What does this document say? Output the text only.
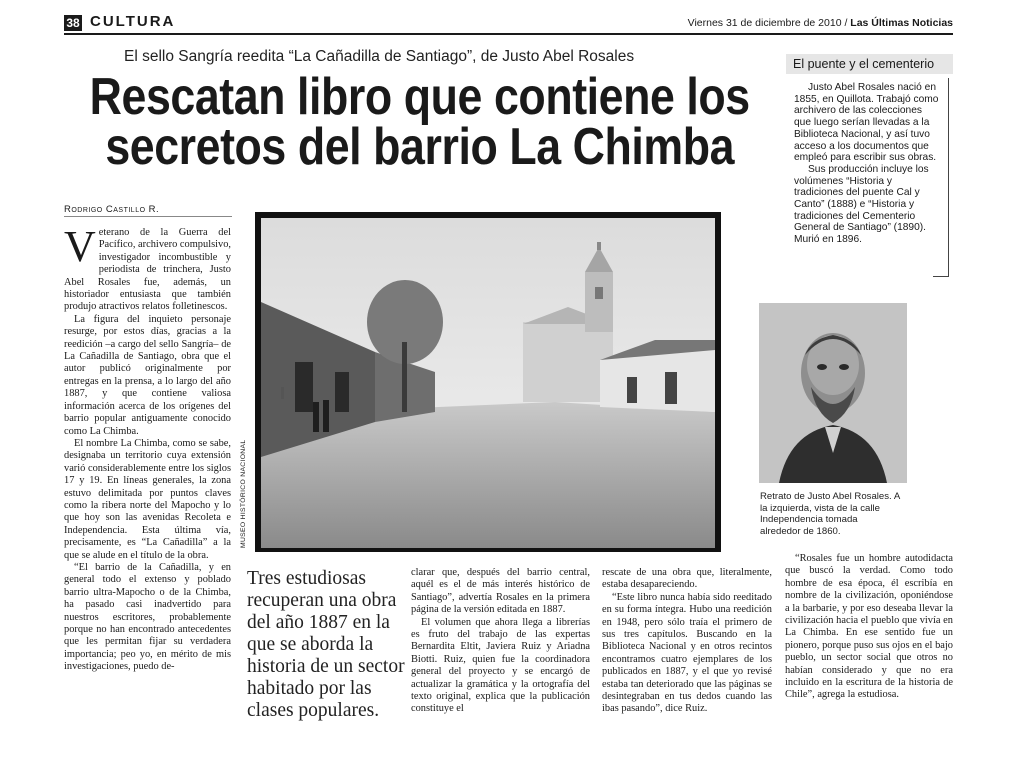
38 CULTURA	Viernes 31 de diciembre de 2010 / Las Últimas Noticias
El sello Sangría reedita “La Cañadilla de Santiago”, de Justo Abel Rosales
Rescatan libro que contiene los
secretos del barrio La Chimba
Rodrigo Castillo R.

Veterano de la Guerra del Pacífico, archivero compulsivo, investigador incombustible y periodista de trinchera, Justo Abel Rosales fue, además, un historiador entusiasta que también produjo atractivos relatos folletinescos.

La figura del inquieto personaje resurge, por estos días, gracias a la reedición –a cargo del sello Sangría– de La Cañadilla de Santiago, obra que el autor publicó originalmente por entregas en la prensa, a lo largo del año 1887, y que contiene valiosa información acerca de los orígenes del barrio popular antiguamente conocido como La Chimba.

El nombre La Chimba, como se sabe, designaba un territorio cuya extensión varió considerablemente entre los siglos 17 y 19. En líneas generales, la zona estuvo delimitada por puntos claves como la ribera norte del Mapocho y lo que hoy son las avenidas Recoleta e Independencia. Esta última vía, precisamente, es “La Cañadilla” a la que se alude en el título de la obra.

“El barrio de la Cañadilla, y en general todo el extenso y poblado barrio ultra-Mapocho o de la Chimba, ha pasado casi inadvertido para nuestros escritores, probablemente porque no han encontrado antecedentes que les permitan fijar su verdadera importancia; peo yo, en mérito de mis investigaciones, puedo de-

MUSEO HISTÓRICO NACIONAL
Tres estudiosas recuperan una obra del año 1887 en la que se aborda la historia de un sector habitado por las clases populares.

clarar que, después del barrio central, aquél es el de más interés histórico de Santiago”, advertía Rosales en la primera página de la versión editada en 1887.

El volumen que ahora llega a librerías es fruto del trabajo de las expertas Bernardita Eltit, Javiera Ruiz y Ariadna Biotti. Ruiz, quien fue la coordinadora general del proyecto y se encargó de actualizar la gramática y la ortografía del texto original, explica que la publicación constituye el

rescate de una obra que, literalmente, estaba desapareciendo.

“Este libro nunca había sido reeditado en su forma íntegra. Hubo una reedición en 1948, pero sólo traía el primero de sus tres capítulos. Buscando en la Biblioteca Nacional y en otros recintos encontramos cuatro ejemplares de los publicados en 1887, y el que yo revisé estaba tan deteriorado que las páginas se desintegraban en tus dedos cuando las ibas pasando”, dice Ruiz.

“Rosales fue un hombre autodidacta que buscó la verdad. Como todo hombre de esa época, él escribía en nombre de la civilización, oponiéndose a la barbarie, y por eso deseaba llevar la civilización hacia el pueblo que vivía en La Chimba. En ese sentido fue un pionero, porque puso sus ojos en el bajo pueblo, un sector social que otros no habían considerado y que no era incluido en la escritura de la historia de Chile”, agrega la estudiosa.

El puente y el cementerio

Justo Abel Rosales nació en 1855, en Quillota. Trabajó como archivero de las colecciones que luego serían llevadas a la Biblioteca Nacional, y así tuvo acceso a los documentos que empleó para escribir sus obras.

Sus producción incluye los volúmenes “Historia y tradiciones del puente Cal y Canto” (1888) e “Historia y tradiciones del Cementerio General de Santiago” (1890). Murió en 1896.

Retrato de Justo Abel Rosales. A la izquierda, vista de la calle Independencia tomada alrededor de 1860.
